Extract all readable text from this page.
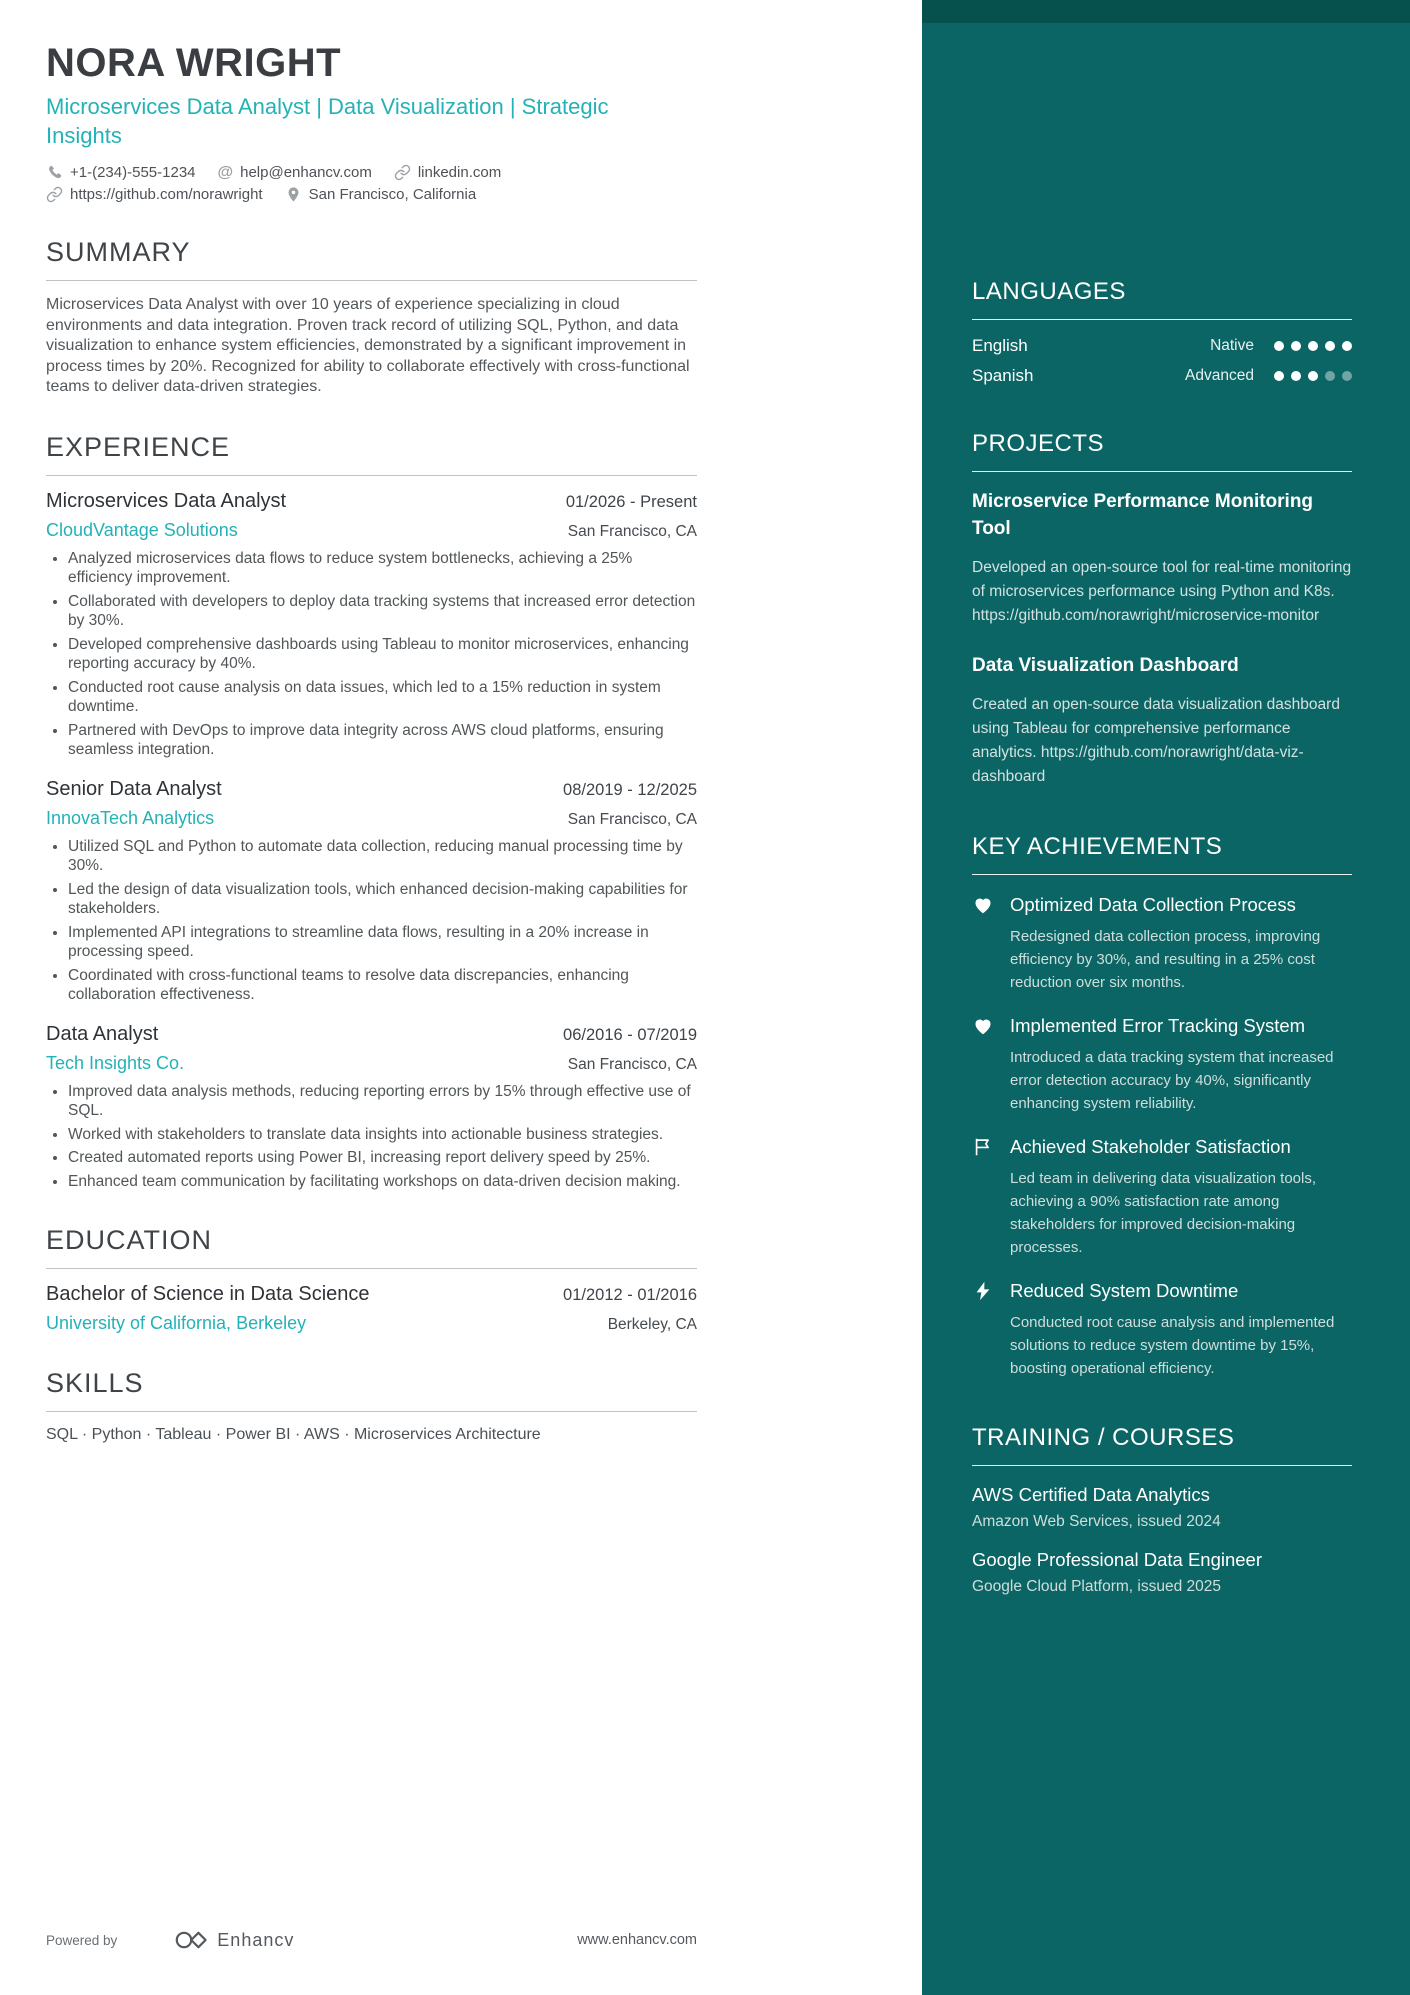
NORA WRIGHT
Microservices Data Analyst | Data Visualization | Strategic Insights
+1-(234)-555-1234 @ help@enhancv.com	linkedin.com
https://github.com/norawright	San Francisco, California
SUMMARY

Microservices Data Analyst with over 10 years of experience specializing in cloud environments and data integration. Proven track record of utilizing SQL, Python, and data visualization to enhance system efficiencies, demonstrated by a significant improvement in process times by 20%. Recognized for ability to collaborate effectively with cross-functional teams to deliver data-driven strategies.

EXPERIENCE
Microservices Data Analyst	01/2026 - Present
CloudVantage Solutions	San Francisco, CA
• Analyzed microservices data flows to reduce system bottlenecks, achieving a 25% efficiency improvement.
• Collaborated with developers to deploy data tracking systems that increased error detection by 30%.
• Developed comprehensive dashboards using Tableau to monitor microservices, enhancing reporting accuracy by 40%.
• Conducted root cause analysis on data issues, which led to a 15% reduction in system downtime.
• Partnered with DevOps to improve data integrity across AWS cloud platforms, ensuring seamless integration.
Senior Data Analyst	08/2019 - 12/2025
InnovaTech Analytics	San Francisco, CA
• Utilized SQL and Python to automate data collection, reducing manual processing time by 30%.
• Led the design of data visualization tools, which enhanced decision-making capabilities for stakeholders.
• Implemented API integrations to streamline data flows, resulting in a 20% increase in processing speed.
• Coordinated with cross-functional teams to resolve data discrepancies, enhancing collaboration effectiveness.
Data Analyst	06/2016 - 07/2019
Tech Insights Co.	San Francisco, CA
• Improved data analysis methods, reducing reporting errors by 15% through effective use of SQL.
• Worked with stakeholders to translate data insights into actionable business strategies.
• Created automated reports using Power BI, increasing report delivery speed by 25%.
• Enhanced team communication by facilitating workshops on data-driven decision making.
EDUCATION
Bachelor of Science in Data Science	01/2012 - 01/2016
University of California, Berkeley	Berkeley, CA
SKILLS
SQL · Python · Tableau · Power BI · AWS · Microservices Architecture
Powered by	Enhancv	www.enhancv.com
LANGUAGES
English	Native
Spanish	Advanced
PROJECTS
Microservice Performance Monitoring Tool

Developed an open-source tool for real-time monitoring of microservices performance using Python and K8s. https://github.com/norawright/microservice-monitor

Data Visualization Dashboard

Created an open-source data visualization dashboard using Tableau for comprehensive performance analytics. https://github.com/norawright/data-viz-dashboard

KEY ACHIEVEMENTS
Optimized Data Collection Process

Redesigned data collection process, improving efficiency by 30%, and resulting in a 25% cost reduction over six months.

Implemented Error Tracking System

Introduced a data tracking system that increased error detection accuracy by 40%, significantly enhancing system reliability.

Achieved Stakeholder Satisfaction

Led team in delivering data visualization tools, achieving a 90% satisfaction rate among stakeholders for improved decision-making processes.

Reduced System Downtime

Conducted root cause analysis and implemented solutions to reduce system downtime by 15%, boosting operational efficiency.

TRAINING / COURSES
AWS Certified Data Analytics

Amazon Web Services, issued 2024

Google Professional Data Engineer

Google Cloud Platform, issued 2025
